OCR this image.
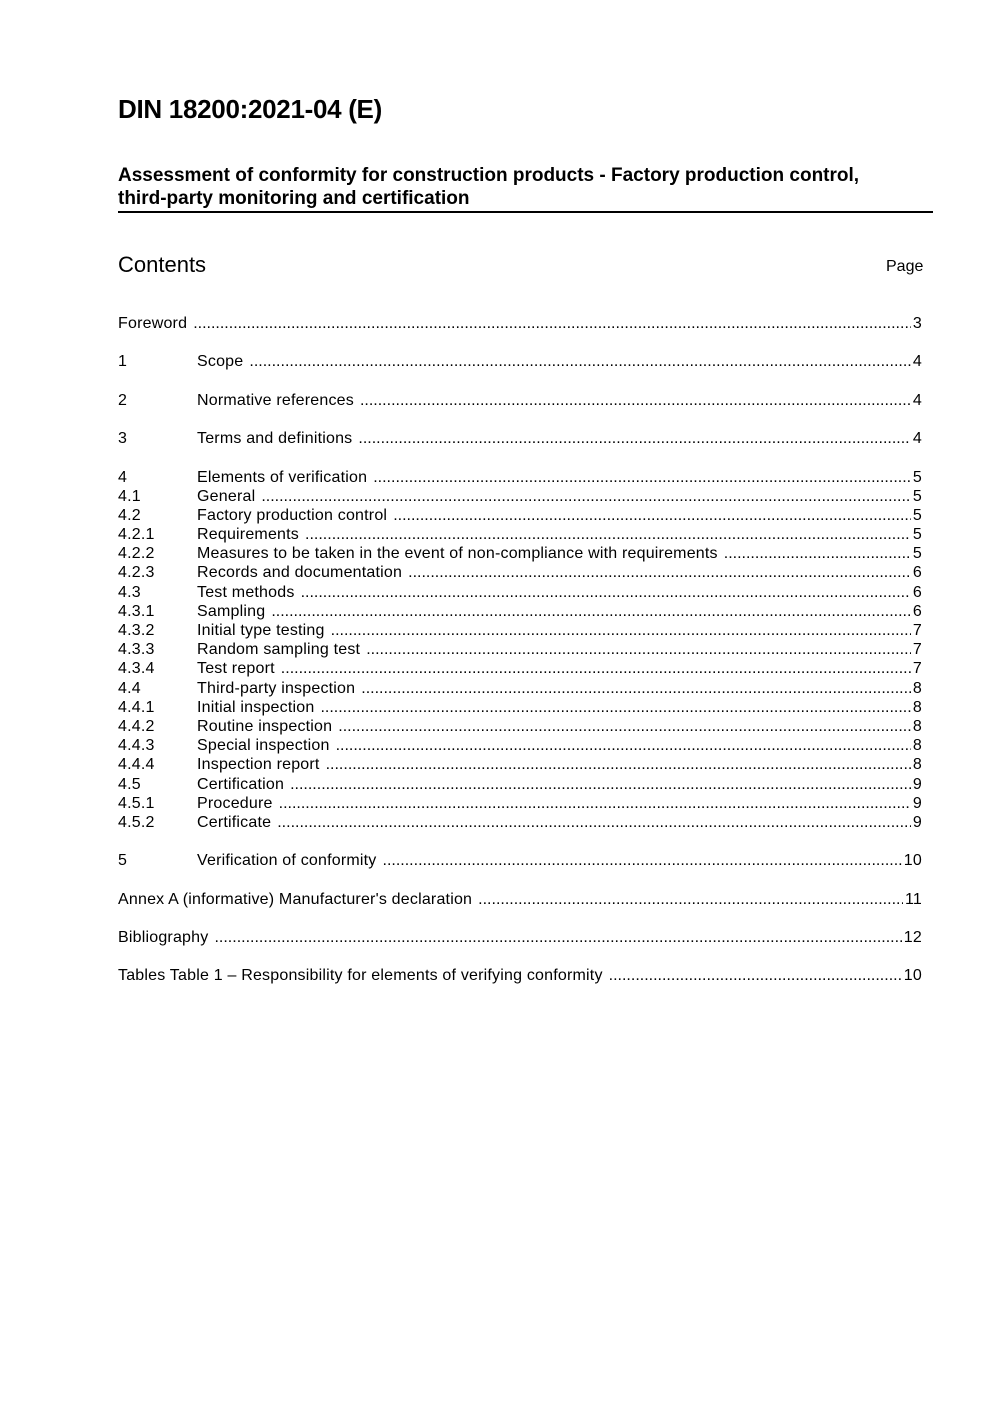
DIN 18200:2021-04 (E)
Assessment of conformity for construction products - Factory production control,
third-party monitoring and certification
Contents	Page
Foreword .....	3
1	Scope .....	4
2	Normative references .....	4
3	Terms and definitions .....	4
4	Elements of verification .....	5
4.1	General .....	5
4.2	Factory production control .....	5
4.2.1	Requirements .....	5
4.2.2	Measures to be taken in the event of non-compliance with requirements .....	5
4.2.3	Records and documentation .....	6
4.3	Test methods .....	6
4.3.1	Sampling .....	6
4.3.2	Initial type testing .....	7
4.3.3	Random sampling test .....	7
4.3.4	Test report .....	7
4.4	Third-party inspection .....	8
4.4.1	Initial inspection .....	8
4.4.2	Routine inspection .....	8
4.4.3	Special inspection .....	8
4.4.4	Inspection report .....	8
4.5	Certification .....	9
4.5.1	Procedure .....	9
4.5.2	Certificate .....	9
5	Verification of conformity .....	10
Annex A (informative) Manufacturer's declaration .....	11
Bibliography .....	12
Tables Table 1 – Responsibility for elements of verifying conformity .....	10
